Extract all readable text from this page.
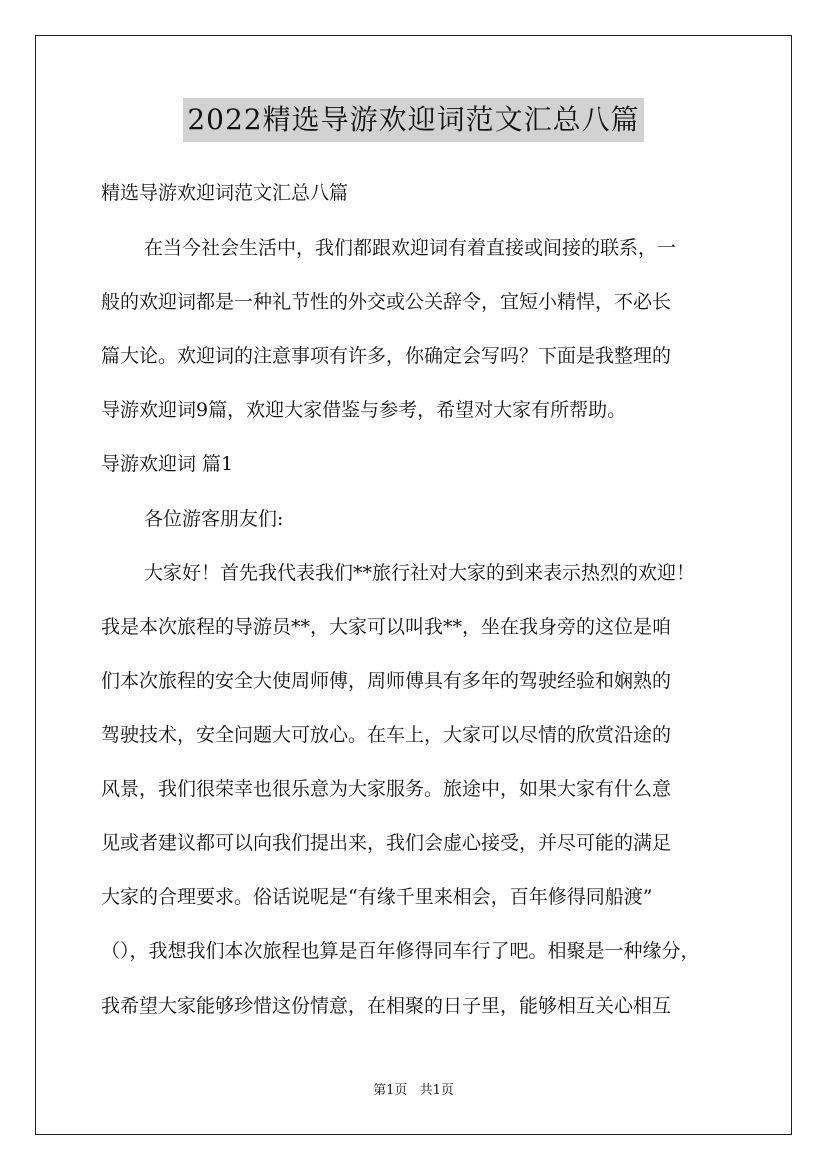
2022精选导游欢迎词范文汇总八篇
精选导游欢迎词范文汇总八篇
在当今社会生活中，我们都跟欢迎词有着直接或间接的联系，一
般的欢迎词都是一种礼节性的外交或公关辞令，宜短小精悍，不必长
篇大论。欢迎词的注意事项有许多，你确定会写吗？下面是我整理的
导游欢迎词9篇，欢迎大家借鉴与参考，希望对大家有所帮助。
导游欢迎词 篇1
各位游客朋友们:
大家好！首先我代表我们**旅行社对大家的到来表示热烈的欢迎！
我是本次旅程的导游员**，大家可以叫我**，坐在我身旁的这位是咱
们本次旅程的安全大使周师傅，周师傅具有多年的驾驶经验和娴熟的
驾驶技术，安全问题大可放心。在车上，大家可以尽情的欣赏沿途的
风景，我们很荣幸也很乐意为大家服务。旅途中，如果大家有什么意
见或者建议都可以向我们提出来，我们会虚心接受，并尽可能的满足
大家的合理要求。俗话说呢是“有缘千里来相会，百年修得同船渡”
（），我想我们本次旅程也算是百年修得同车行了吧。相聚是一种缘分，
我希望大家能够珍惜这份情意，在相聚的日子里，能够相互关心相互
第1页 共1页
